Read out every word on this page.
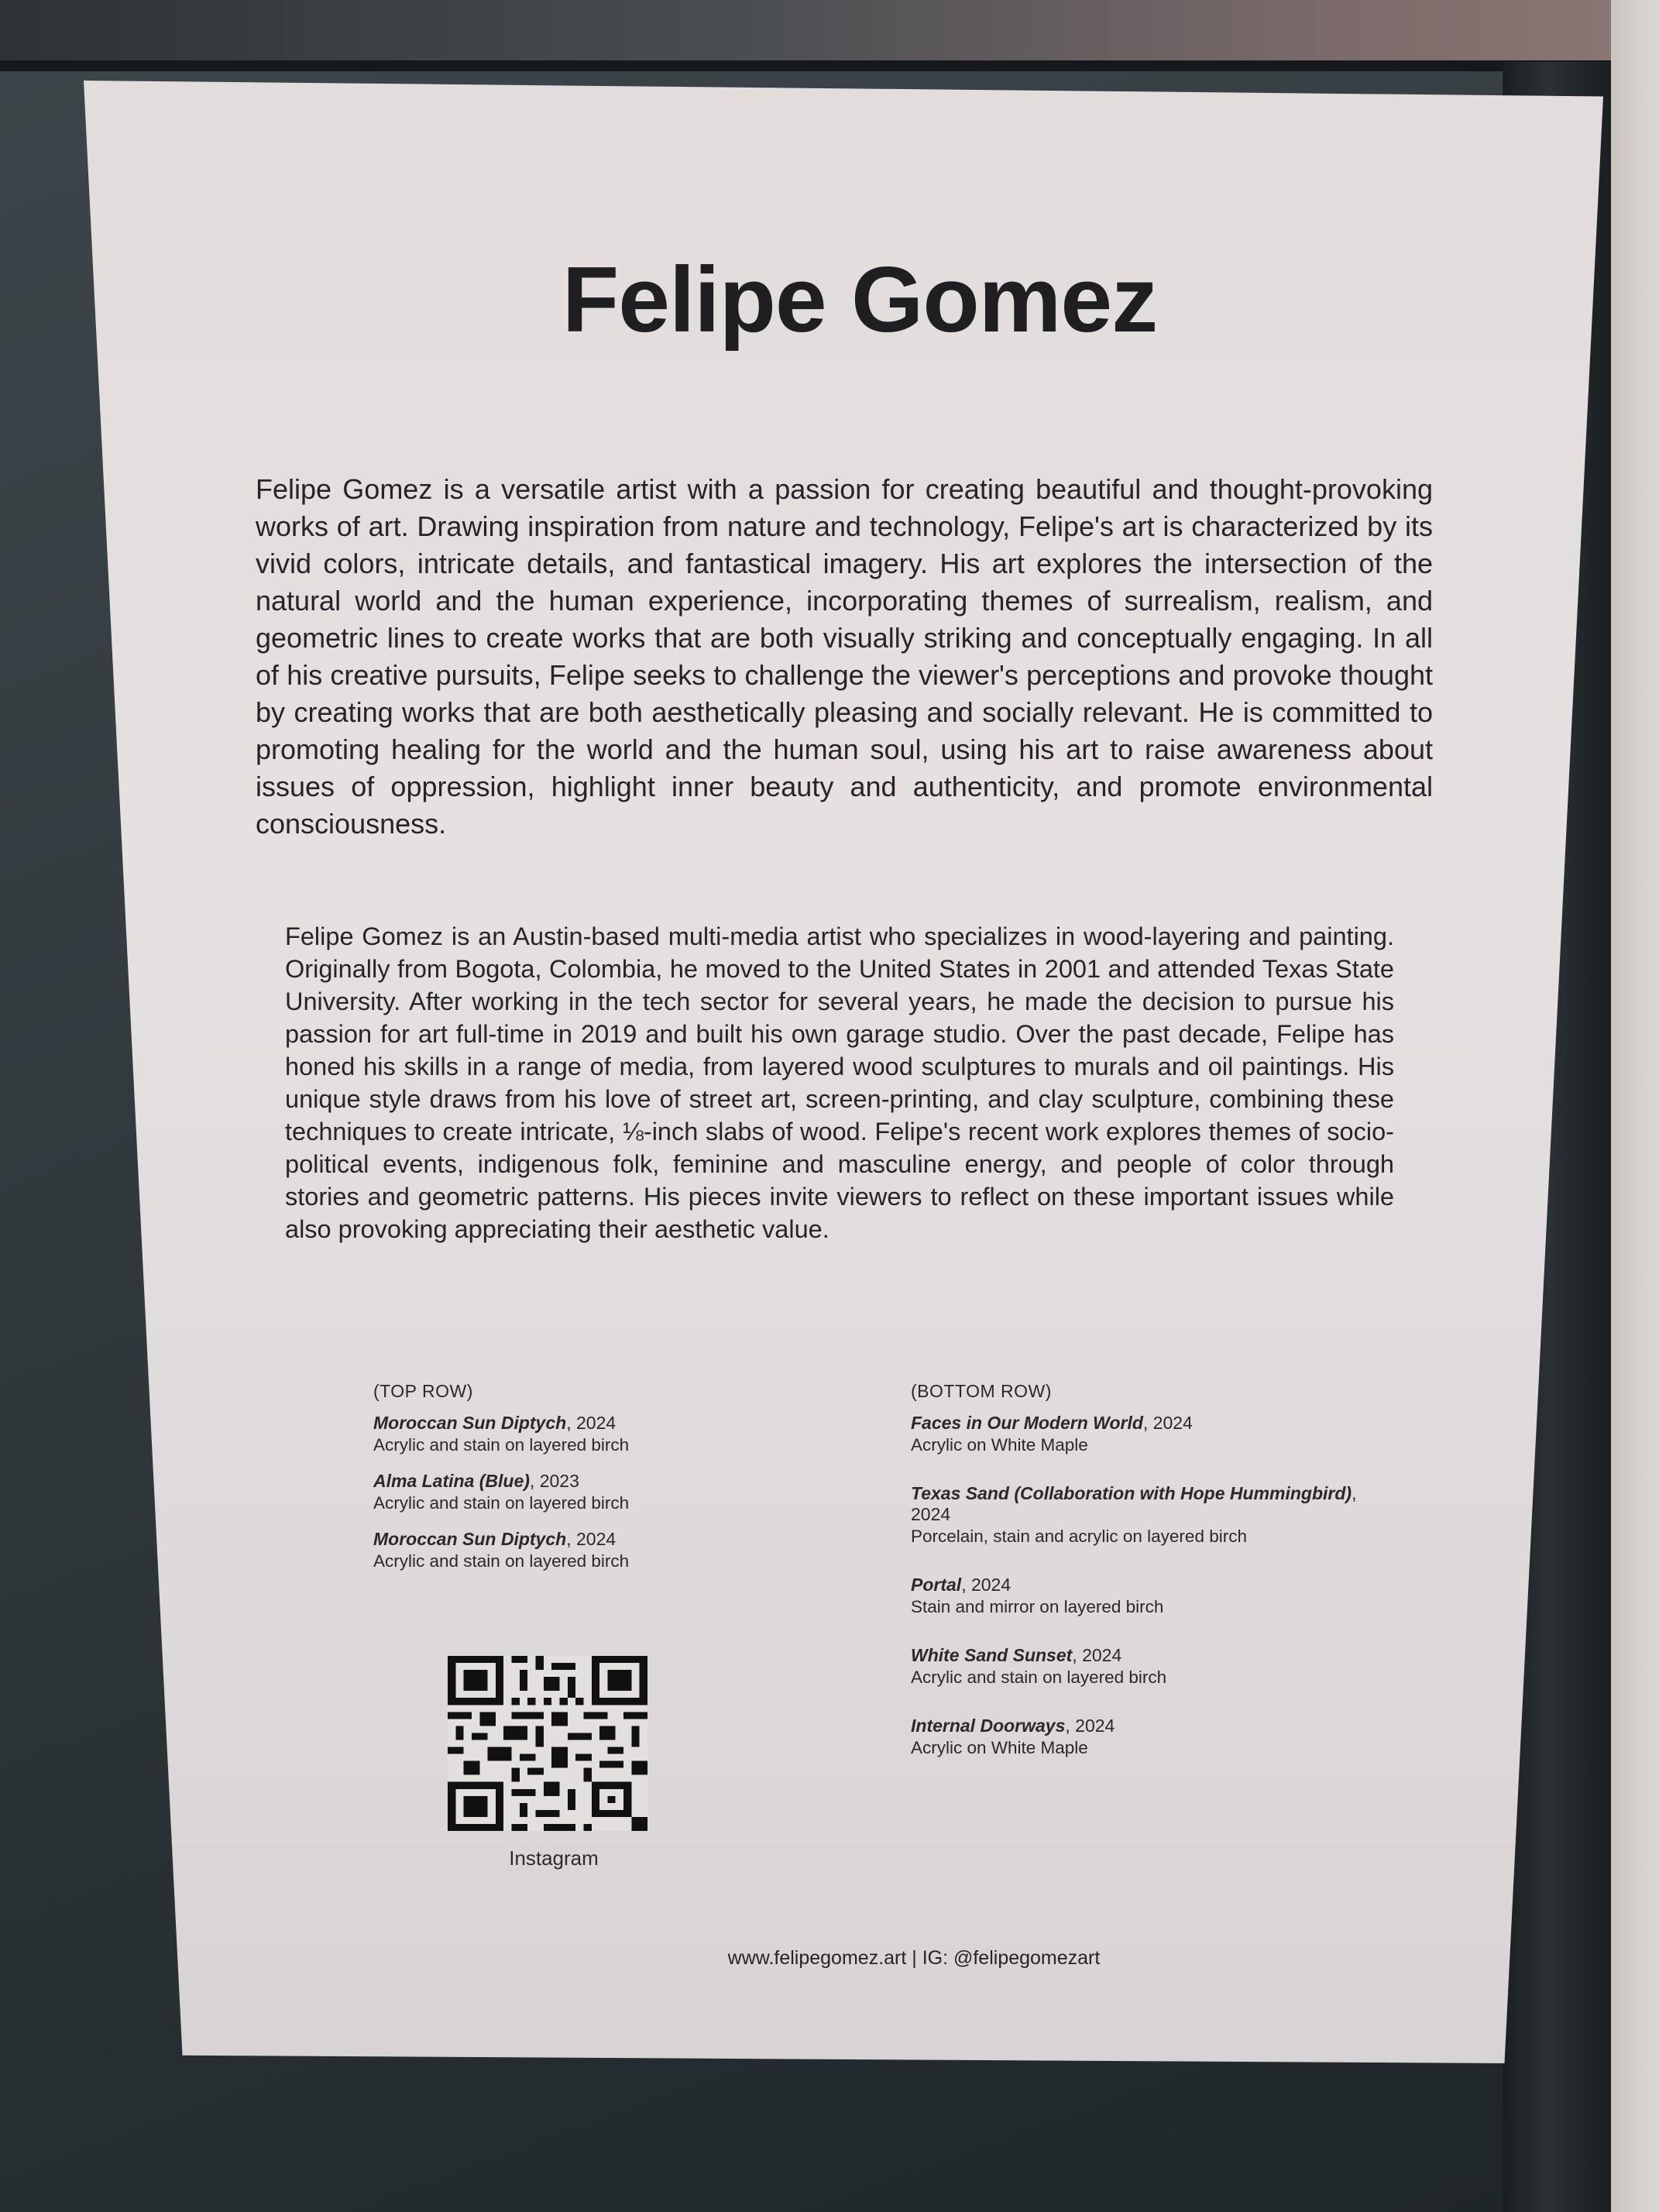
Felipe Gomez
Felipe Gomez is a versatile artist with a passion for creating beautiful and thought-provoking works of art. Drawing inspiration from nature and technology, Felipe's art is characterized by its vivid colors, intricate details, and fantastical imagery. His art explores the intersection of the natural world and the human experience, incorporating themes of surrealism, realism, and geometric lines to create works that are both visually striking and conceptually engaging. In all of his creative pursuits, Felipe seeks to challenge the viewer's perceptions and provoke thought by creating works that are both aesthetically pleasing and socially relevant. He is committed to promoting healing for the world and the human soul, using his art to raise awareness about issues of oppression, highlight inner beauty and authenticity, and promote environmental consciousness.
Felipe Gomez is an Austin-based multi-media artist who specializes in wood-layering and painting. Originally from Bogota, Colombia, he moved to the United States in 2001 and attended Texas State University. After working in the tech sector for several years, he made the decision to pursue his passion for art full-time in 2019 and built his own garage studio. Over the past decade, Felipe has honed his skills in a range of media, from layered wood sculptures to murals and oil paintings. His unique style draws from his love of street art, screen-printing, and clay sculpture, combining these techniques to create intricate, ⅛-inch slabs of wood. Felipe's recent work explores themes of socio-political events, indigenous folk, feminine and masculine energy, and people of color through stories and geometric patterns. His pieces invite viewers to reflect on these important issues while also provoking appreciating their aesthetic value.
(TOP ROW)
Moroccan Sun Diptych, 2024
Acrylic and stain on layered birch
Alma Latina (Blue), 2023
Acrylic and stain on layered birch
Moroccan Sun Diptych, 2024
Acrylic and stain on layered birch
(BOTTOM ROW)
Faces in Our Modern World, 2024
Acrylic on White Maple
Texas Sand (Collaboration with Hope Hummingbird), 2024
Porcelain, stain and acrylic on layered birch
Portal, 2024
Stain and mirror on layered birch
White Sand Sunset, 2024
Acrylic and stain on layered birch
Internal Doorways, 2024
Acrylic on White Maple
Instagram
www.felipegomez.art | IG: @felipegomezart
